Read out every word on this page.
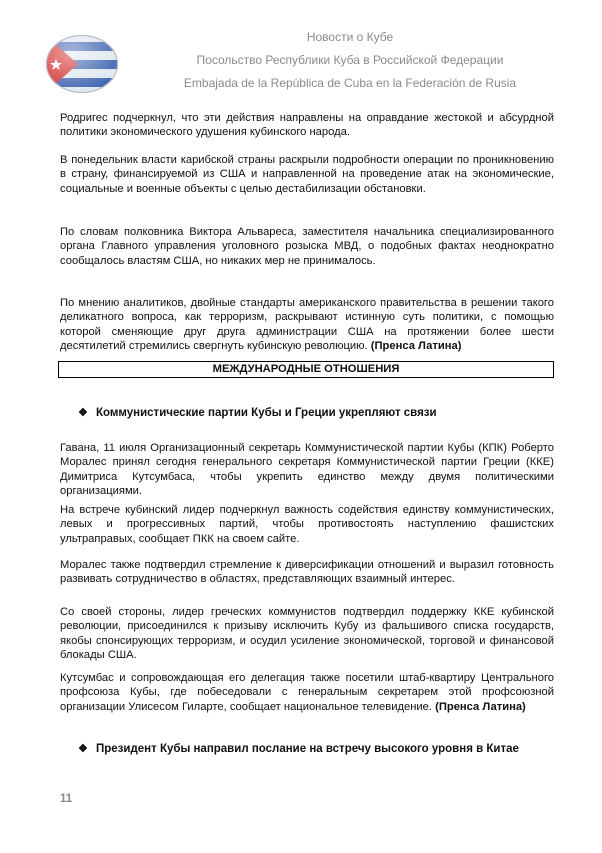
Новости о Кубе
Посольство Республики Куба в Российской Федерации
Embajada de la República de Cuba en la Federación de Rusia

Родригес подчеркнул, что эти действия направлены на оправдание жестокой и абсурдной политики экономического удушения кубинского народа.

В понедельник власти карибской страны раскрыли подробности операции по проникновению в страну, финансируемой из США и направленной на проведение атак на экономические, социальные и военные объекты с целью дестабилизации обстановки.

По словам полковника Виктора Альвареса, заместителя начальника специализированного органа Главного управления уголовного розыска МВД, о подобных фактах неоднократно сообщалось властям США, но никаких мер не принималось.

По мнению аналитиков, двойные стандарты американского правительства в решении такого деликатного вопроса, как терроризм, раскрывают истинную суть политики, с помощью которой сменяющие друг друга администрации США на протяжении более шести десятилетий стремились свергнуть кубинскую революцию. (Пренса Латина)

МЕЖДУНАРОДНЫЕ ОТНОШЕНИЯ
❖ Коммунистические партии Кубы и Греции укрепляют связи

Гавана, 11 июля Организационный секретарь Коммунистической партии Кубы (КПК) Роберто Моралес принял сегодня генерального секретаря Коммунистической партии Греции (ККЕ) Димитриса Кутсумбаса, чтобы укрепить единство между двумя политическими организациями.

На встрече кубинский лидер подчеркнул важность содействия единству коммунистических, левых и прогрессивных партий, чтобы противостоять наступлению фашистских ультраправых, сообщает ПКК на своем сайте.

Моралес также подтвердил стремление к диверсификации отношений и выразил готовность развивать сотрудничество в областях, представляющих взаимный интерес.

Со своей стороны, лидер греческих коммунистов подтвердил поддержку ККЕ кубинской революции, присоединился к призыву исключить Кубу из фальшивого списка государств, якобы спонсирующих терроризм, и осудил усиление экономической, торговой и финансовой блокады США.

Кутсумбас и сопровождающая его делегация также посетили штаб-квартиру Центрального профсоюза Кубы, где побеседовали с генеральным секретарем этой профсоюзной организации Улисесом Гиларте, сообщает национальное телевидение. (Пренса Латина)

❖ Президент Кубы направил послание на встречу высокого уровня в Китае
11
